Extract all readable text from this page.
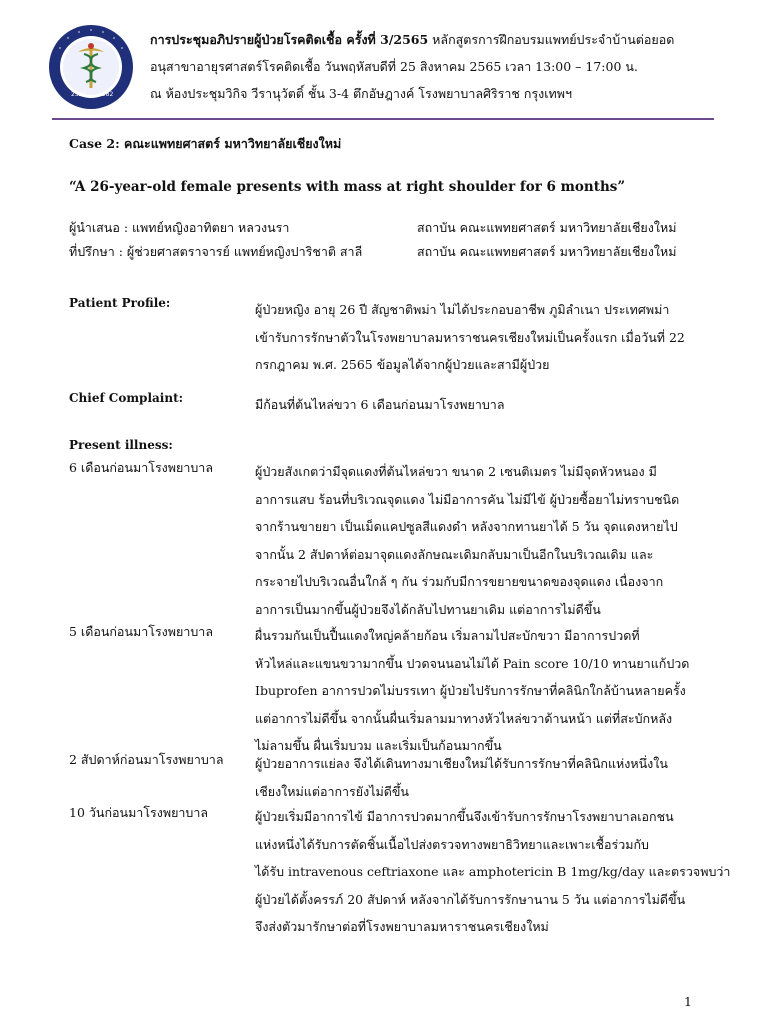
2525 1982
การประชุมอภิปรายผู้ป่วยโรคติดเชื้อ ครั้งที่ 3/2565 หลักสูตรการฝึกอบรมแพทย์ประจำบ้านต่อยอด
อนุสาขาอายุรศาสตร์โรคติดเชื้อ วันพฤหัสบดีที่ 25 สิงหาคม 2565 เวลา 13:00 – 17:00 น.
ณ ห้องประชุมวิกิจ วีรานุวัตติ์ ชั้น 3-4 ตึกอัษฎางค์ โรงพยาบาลศิริราช กรุงเทพฯ
Case 2: คณะแพทยศาสตร์ มหาวิทยาลัยเชียงใหม่
“A 26-year-old female presents with mass at right shoulder for 6 months”
ผู้นำเสนอ : แพทย์หญิงอาทิตยา หลวงนรา	สถาบัน คณะแพทยศาสตร์ มหาวิทยาลัยเชียงใหม่
ที่ปรึกษา : ผู้ช่วยศาสตราจารย์ แพทย์หญิงปาริชาติ สาลี	สถาบัน คณะแพทยศาสตร์ มหาวิทยาลัยเชียงใหม่
Patient Profile:	ผู้ป่วยหญิง อายุ 26 ปี สัญชาติพม่า ไม่ได้ประกอบอาชีพ ภูมิลำเนา ประเทศพม่า
เข้ารับการรักษาตัวในโรงพยาบาลมหาราชนครเชียงใหม่เป็นครั้งแรก เมื่อวันที่ 22
กรกฎาคม พ.ศ. 2565 ข้อมูลได้จากผู้ป่วยและสามีผู้ป่วย
Chief Complaint:	มีก้อนที่ต้นไหล่ขวา 6 เดือนก่อนมาโรงพยาบาล
Present illness:
6 เดือนก่อนมาโรงพยาบาล	ผู้ป่วยสังเกตว่ามีจุดแดงที่ต้นไหล่ขวา ขนาด 2 เซนติเมตร ไม่มีจุดหัวหนอง มี
อาการแสบ ร้อนที่บริเวณจุดแดง ไม่มีอาการคัน ไม่มีไข้ ผู้ป่วยซื้อยาไม่ทราบชนิด
จากร้านขายยา เป็นเม็ดแคปซูลสีแดงดำ หลังจากทานยาได้ 5 วัน จุดแดงหายไป
จากนั้น 2 สัปดาห์ต่อมาจุดแดงลักษณะเดิมกลับมาเป็นอีกในบริเวณเดิม และ
กระจายไปบริเวณอื่นใกล้ ๆ กัน ร่วมกับมีการขยายขนาดของจุดแดง เนื่องจาก
อาการเป็นมากขึ้นผู้ป่วยจึงได้กลับไปทานยาเดิม แต่อาการไม่ดีขึ้น
5 เดือนก่อนมาโรงพยาบาล	ผื่นรวมกันเป็นปื้นแดงใหญ่คล้ายก้อน เริ่มลามไปสะบักขวา มีอาการปวดที่
หัวไหล่และแขนขวามากขึ้น ปวดจนนอนไม่ได้ Pain score 10/10 ทานยาแก้ปวด
Ibuprofen อาการปวดไม่บรรเทา ผู้ป่วยไปรับการรักษาที่คลินิกใกล้บ้านหลายครั้ง
แต่อาการไม่ดีขึ้น จากนั้นผื่นเริ่มลามมาทางหัวไหล่ขวาด้านหน้า แต่ที่สะบักหลัง
ไม่ลามขึ้น ผื่นเริ่มบวม และเริ่มเป็นก้อนมากขึ้น
2 สัปดาห์ก่อนมาโรงพยาบาล	ผู้ป่วยอาการแย่ลง จึงได้เดินทางมาเชียงใหม่ได้รับการรักษาที่คลินิกแห่งหนึ่งใน
เชียงใหม่แต่อาการยังไม่ดีขึ้น
10 วันก่อนมาโรงพยาบาล	ผู้ป่วยเริ่มมีอาการไข้ มีอาการปวดมากขึ้นจึงเข้ารับการรักษาโรงพยาบาลเอกชน
แห่งหนึ่งได้รับการตัดชิ้นเนื้อไปส่งตรวจทางพยาธิวิทยาและเพาะเชื้อร่วมกับ
ได้รับ intravenous ceftriaxone และ amphotericin B 1mg/kg/day และตรวจพบว่า
ผู้ป่วยได้ตั้งครรภ์ 20 สัปดาห์ หลังจากได้รับการรักษานาน 5 วัน แต่อาการไม่ดีขึ้น
จึงส่งตัวมารักษาต่อที่โรงพยาบาลมหาราชนครเชียงใหม่
1
